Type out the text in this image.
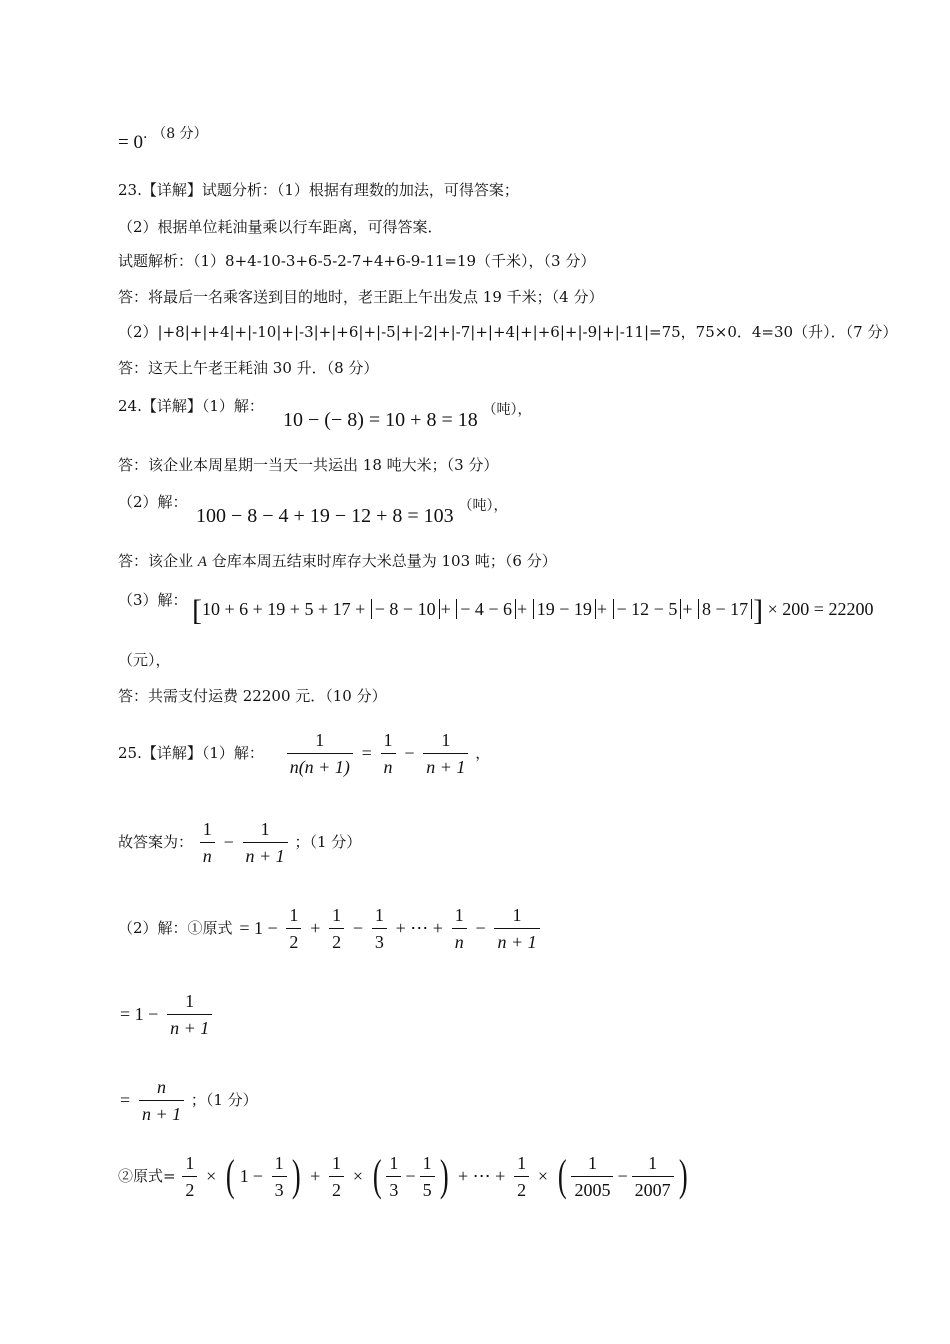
= 0. （8 分）
23.【详解】试题分析：（1）根据有理数的加法，可得答案；
（2）根据单位耗油量乘以行车距离，可得答案．
试题解析：（1）8+4-10-3+6-5-2-7+4+6-9-11=19（千米），（3 分）
答：将最后一名乘客送到目的地时，老王距上午出发点 19 千米；（4 分）
（2）|+8|+|+4|+|-10|+|-3|+|+6|+|-5|+|-2|+|-7|+|+4|+|+6|+|-9|+|-11|=75，75×0．4=30（升）．（7 分）
答：这天上午老王耗油 30 升．（8 分）
24.【详解】（1）解：
10 − (− 8) = 10 + 8 = 18 （吨），
答：该企业本周星期一当天一共运出 18 吨大米；（3 分）
（2）解：
100 − 8 − 4 + 19 − 12 + 8 = 103 （吨），
答：该企业 A 仓库本周五结束时库存大米总量为 103 吨；（6 分）
（3）解： [10 + 6 + 19 + 5 + 17 + − 8 − 10 + − 4 − 6 + 19 − 19 + − 12 − 5 + 8 − 17 ] × 200 = 22200
（元），
答：共需支付运费 22200 元．（10 分）
25.【详解】（1）解： $\frac{1}{n(n + 1)} = \frac{1}{n} - \frac{1}{n + 1}$ ，
故答案为： $\frac{1}{n} - \frac{1}{n + 1}$ ；（1 分）
（2）解：①原式 = $1 - \frac{1}{2} + \frac{1}{2} - \frac{1}{3}$ + ⋯ + $\frac{1}{n} - \frac{1}{n + 1}$
= $1 - \frac{1}{n + 1}$
= $\frac{n}{n + 1}$ ；（1 分）
②原式= $\frac{1}{2}$ × ( $1 - \frac{1}{3}$ ) + $\frac{1}{2}$ × ( $\frac{1}{3} - \frac{1}{5}$ ) + ⋯ + $\frac{1}{2}$ × ( $\frac{1}{2005} - \frac{1}{2007}$ )
